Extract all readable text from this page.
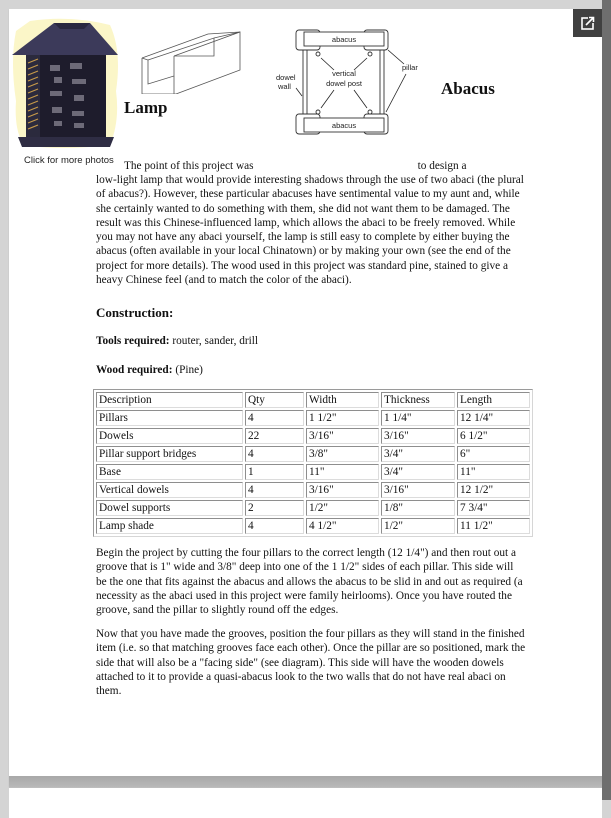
Click for more photos
Lamp
abacus
abacus
vertical
dowel post
dowel
wall
pillar
Abacus
The point of this project was	to design a
low-light lamp that would provide interesting shadows through the use of two abaci (the plural of abacus?). However, these particular abacuses have sentimental value to my aunt and, while she certainly wanted to do something with them, she did not want them to be damaged. The result was this Chinese-influenced lamp, which allows the abaci to be freely removed. While you may not have any abaci yourself, the lamp is still easy to complete by either buying the abacus (often available in your local Chinatown) or by making your own (see the end of the project for more details). The wood used in this project was standard pine, stained to give a heavy Chinese feel (and to match the color of the abaci).
Construction:
Tools required: router, sander, drill
Wood required: (Pine)
Description	Qty	Width	Thickness	Length
Pillars	4	1 1/2"	1 1/4"	12 1/4"
Dowels	22	3/16"	3/16"	6 1/2"
Pillar support bridges	4	3/8"	3/4"	6"
Base	1	11"	3/4"	11"
Vertical dowels	4	3/16"	3/16"	12 1/2"
Dowel supports	2	1/2"	1/8"	7 3/4"
Lamp shade	4	4 1/2"	1/2"	11 1/2"
Begin the project by cutting the four pillars to the correct length (12 1/4") and then rout out a groove that is 1" wide and 3/8" deep into one of the 1 1/2" sides of each pillar. This side will be the one that fits against the abacus and allows the abacus to be slid in and out as required (a necessity as the abaci used in this project were family heirlooms). Once you have routed the groove, sand the pillar to slightly round off the edges.
Now that you have made the grooves, position the four pillars as they will stand in the finished item (i.e. so that matching grooves face each other). Once the pillar are so positioned, mark the side that will also be a "facing side" (see diagram). This side will have the wooden dowels attached to it to provide a quasi-abacus look to the two walls that do not have real abaci on them.
